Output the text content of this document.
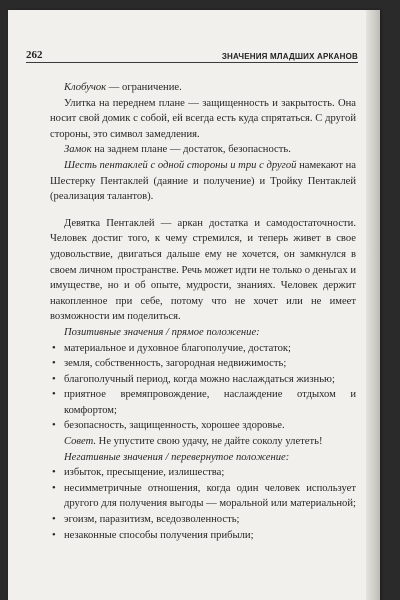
262	ЗНАЧЕНИЯ МЛАДШИХ АРКАНОВ

Клобучок — ограничение.

Улитка на переднем плане — защищенность и закрытость. Она носит свой домик с собой, ей всегда есть куда спрятаться. С другой стороны, это символ замедления.

Замок на заднем плане — достаток, безопасность.

Шесть пентаклей с одной стороны и три с другой намекают на Шестерку Пентаклей (даяние и получение) и Тройку Пентаклей (реализация талантов).

Девятка Пентаклей — аркан достатка и самодостаточности. Человек достиг того, к чему стремился, и теперь живет в свое удовольствие, двигаться дальше ему не хочется, он замкнулся в своем личном пространстве. Речь может идти не только о деньгах и имуществе, но и об опыте, мудрости, знаниях. Человек держит накопленное при себе, потому что не хочет или не имеет возможности им поделиться.

Позитивные значения / прямое положение:

• материальное и духовное благополучие, достаток;
• земля, собственность, загородная недвижимость;
• благополучный период, когда можно наслаждаться жизнью;
• приятное времяпровождение, наслаждение отдыхом и комфортом;
• безопасность, защищенность, хорошее здоровье.

Совет. Не упустите свою удачу, не дайте соколу улететь!

Негативные значения / перевернутое положение:

• избыток, пресыщение, излишества;
• несимметричные отношения, когда один человек использует другого для получения выгоды — моральной или материальной;
• эгоизм, паразитизм, вседозволенность;
• незаконные способы получения прибыли;
